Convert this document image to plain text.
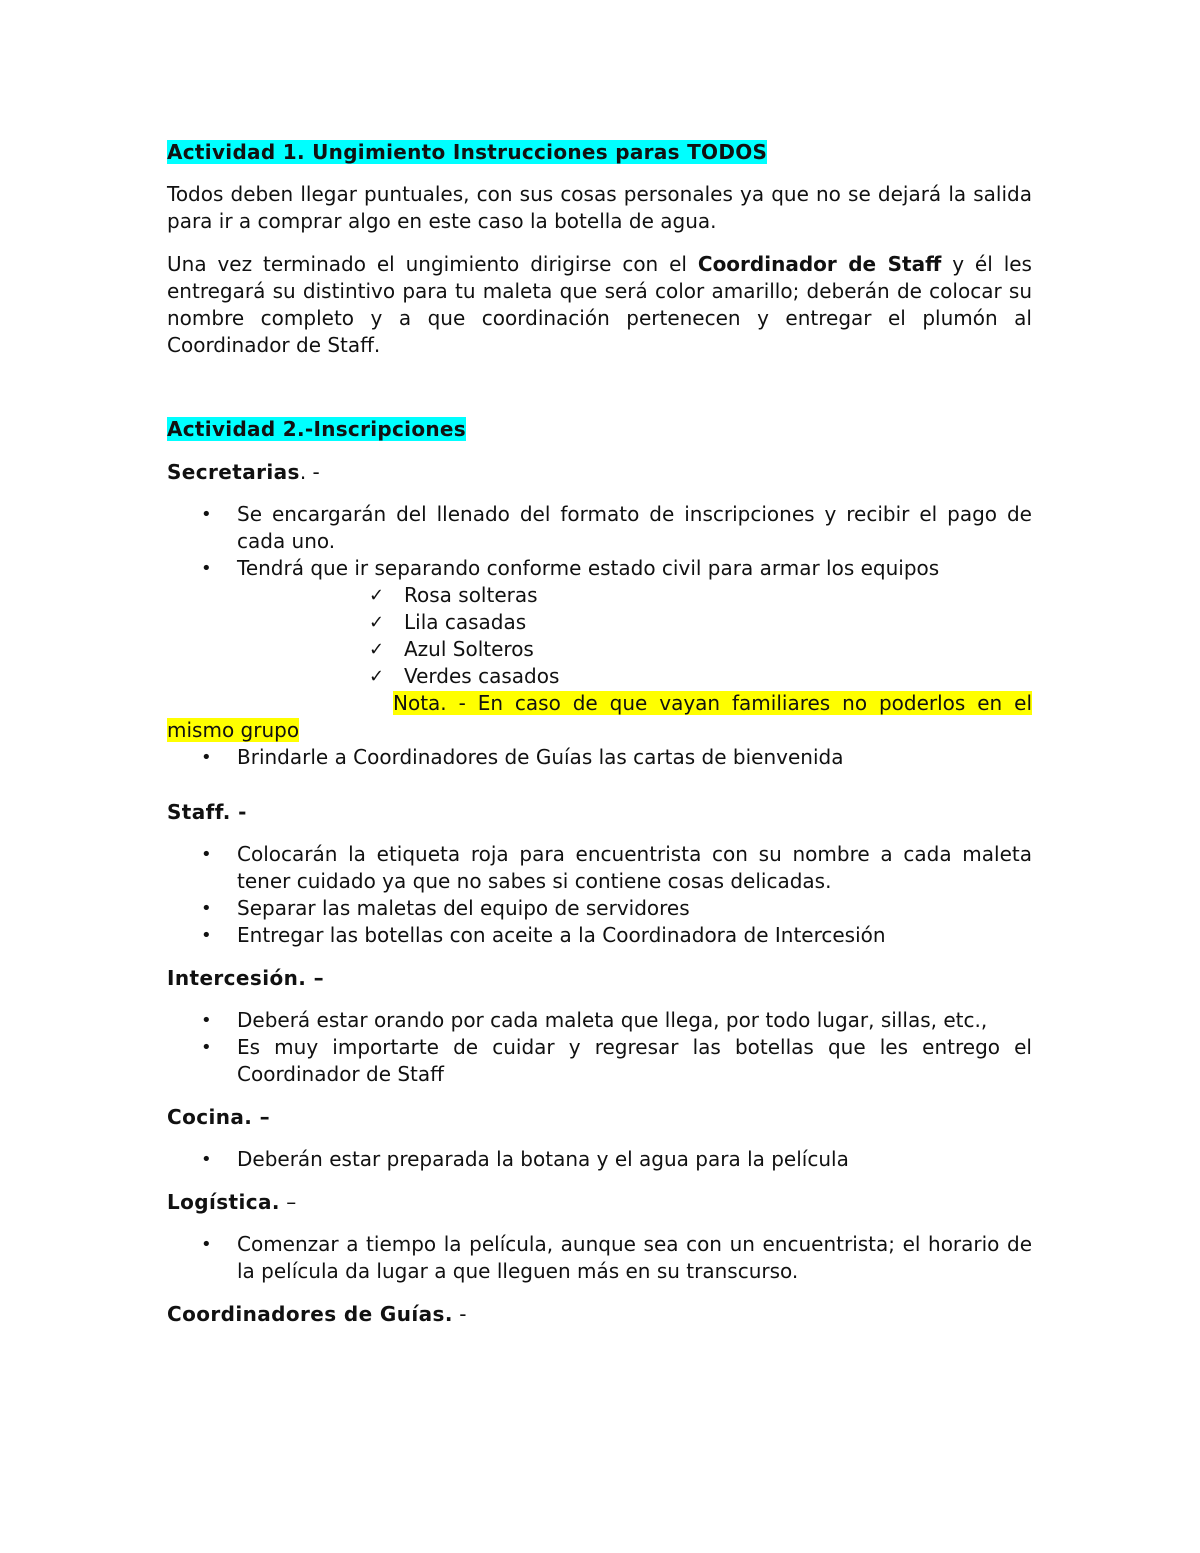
Actividad 1. Ungimiento Instrucciones paras TODOS

Todos deben llegar puntuales, con sus cosas personales ya que no se dejará la salida para ir a comprar algo en este caso la botella de agua.

Una vez terminado el ungimiento dirigirse con el Coordinador de Staff y él les entregará su distintivo para tu maleta que será color amarillo; deberán de colocar su nombre completo y a que coordinación pertenecen y entregar el plumón al Coordinador de Staff.

Actividad 2.-Inscripciones

Secretarias. -

• Se encargarán del llenado del formato de inscripciones y recibir el pago de cada uno.
• Tendrá que ir separando conforme estado civil para armar los equipos
✓ Rosa solteras
✓ Lila casadas
✓ Azul Solteros
✓ Verdes casados

Nota. - En caso de que vayan familiares no poderlos en el mismo grupo

• Brindarle a Coordinadores de Guías las cartas de bienvenida

Staff. -

• Colocarán la etiqueta roja para encuentrista con su nombre a cada maleta tener cuidado ya que no sabes si contiene cosas delicadas.
• Separar las maletas del equipo de servidores
• Entregar las botellas con aceite a la Coordinadora de Intercesión

Intercesión. –

• Deberá estar orando por cada maleta que llega, por todo lugar, sillas, etc.,
• Es muy importarte de cuidar y regresar las botellas que les entrego el Coordinador de Staff

Cocina. –

• Deberán estar preparada la botana y el agua para la película

Logística. –

• Comenzar a tiempo la película, aunque sea con un encuentrista; el horario de la película da lugar a que lleguen más en su transcurso.

Coordinadores de Guías. -
